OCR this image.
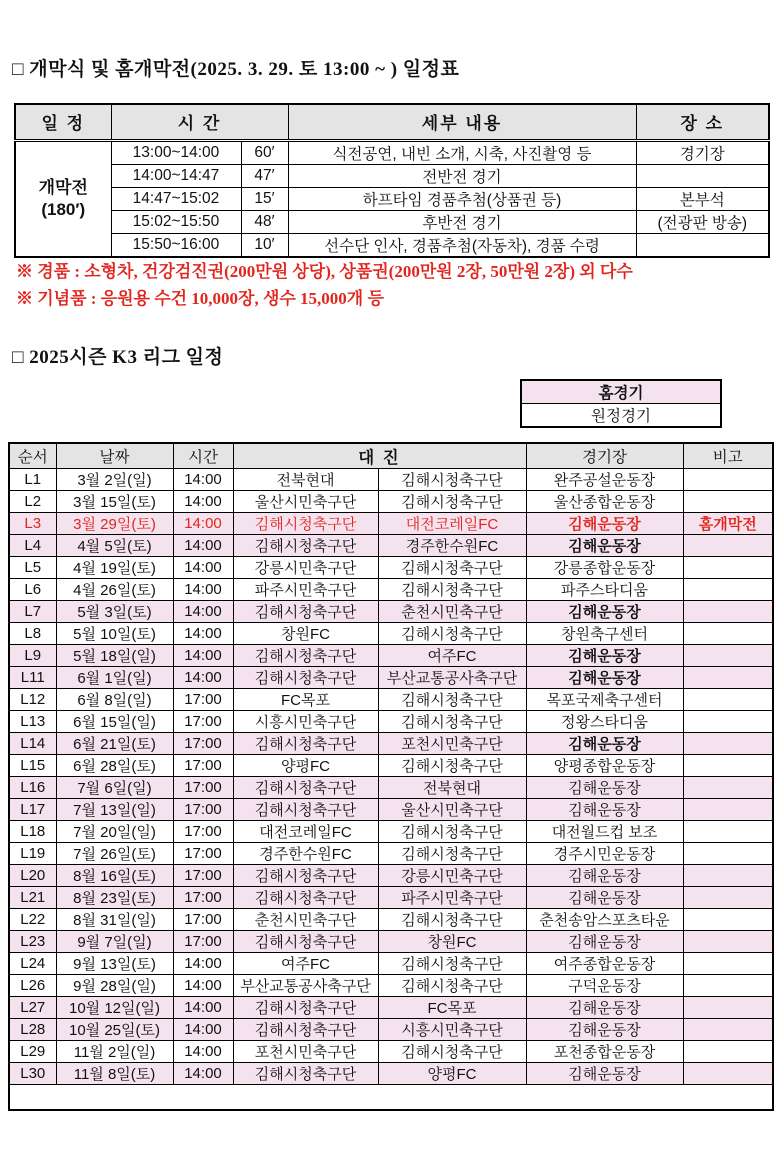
□ 개막식 및 홈개막전(2025. 3. 29. 토 13:00 ~ ) 일정표
일 정	시 간		세부 내용	장 소

개막전
(180′)	13:00~14:00	60′	식전공연, 내빈 소개, 시축, 사진촬영 등	경기장
	14:00~14:47	47′	전반전 경기	
	14:47~15:02	15′	하프타임 경품추첨(상품권 등)	본부석
	15:02~15:50	48′	후반전 경기	(전광판 방송)
	15:50~16:00	10′	선수단 인사, 경품추첨(자동차), 경품 수령	
※ 경품 : 소형차, 건강검진권(200만원 상당), 상품권(200만원 2장, 50만원 2장) 외 다수
※ 기념품 : 응원용 수건 10,000장, 생수 15,000개 등
□ 2025시즌 K3 리그 일정
홈경기
원정경기
순서	날짜	시간	대 진		경기장	비고
L1	3월 2일(일)	14:00	전북현대	김해시청축구단	완주공설운동장	
L2	3월 15일(토)	14:00	울산시민축구단	김해시청축구단	울산종합운동장	
L3	3월 29일(토)	14:00	김해시청축구단	대전코레일FC	김해운동장	홈개막전
L4	4월 5일(토)	14:00	김해시청축구단	경주한수원FC	김해운동장	
L5	4월 19일(토)	14:00	강릉시민축구단	김해시청축구단	강릉종합운동장	
L6	4월 26일(토)	14:00	파주시민축구단	김해시청축구단	파주스타디움	
L7	5월 3일(토)	14:00	김해시청축구단	춘천시민축구단	김해운동장	
L8	5월 10일(토)	14:00	창원FC	김해시청축구단	창원축구센터	
L9	5월 18일(일)	14:00	김해시청축구단	여주FC	김해운동장	
L11	6월 1일(일)	14:00	김해시청축구단	부산교통공사축구단	김해운동장	
L12	6월 8일(일)	17:00	FC목포	김해시청축구단	목포국제축구센터	
L13	6월 15일(일)	17:00	시흥시민축구단	김해시청축구단	정왕스타디움	
L14	6월 21일(토)	17:00	김해시청축구단	포천시민축구단	김해운동장	
L15	6월 28일(토)	17:00	양평FC	김해시청축구단	양평종합운동장	
L16	7월 6일(일)	17:00	김해시청축구단	전북현대	김해운동장	
L17	7월 13일(일)	17:00	김해시청축구단	울산시민축구단	김해운동장	
L18	7월 20일(일)	17:00	대전코레일FC	김해시청축구단	대전월드컵 보조	
L19	7월 26일(토)	17:00	경주한수원FC	김해시청축구단	경주시민운동장	
L20	8월 16일(토)	17:00	김해시청축구단	강릉시민축구단	김해운동장	
L21	8월 23일(토)	17:00	김해시청축구단	파주시민축구단	김해운동장	
L22	8월 31일(일)	17:00	춘천시민축구단	김해시청축구단	춘천송암스포츠타운	
L23	9월 7일(일)	17:00	김해시청축구단	창원FC	김해운동장	
L24	9월 13일(토)	14:00	여주FC	김해시청축구단	여주종합운동장	
L26	9월 28일(일)	14:00	부산교통공사축구단	김해시청축구단	구덕운동장	
L27	10월 12일(일)	14:00	김해시청축구단	FC목포	김해운동장	
L28	10월 25일(토)	14:00	김해시청축구단	시흥시민축구단	김해운동장	
L29	11월 2일(일)	14:00	포천시민축구단	김해시청축구단	포천종합운동장	
L30	11월 8일(토)	14:00	김해시청축구단	양평FC	김해운동장	
